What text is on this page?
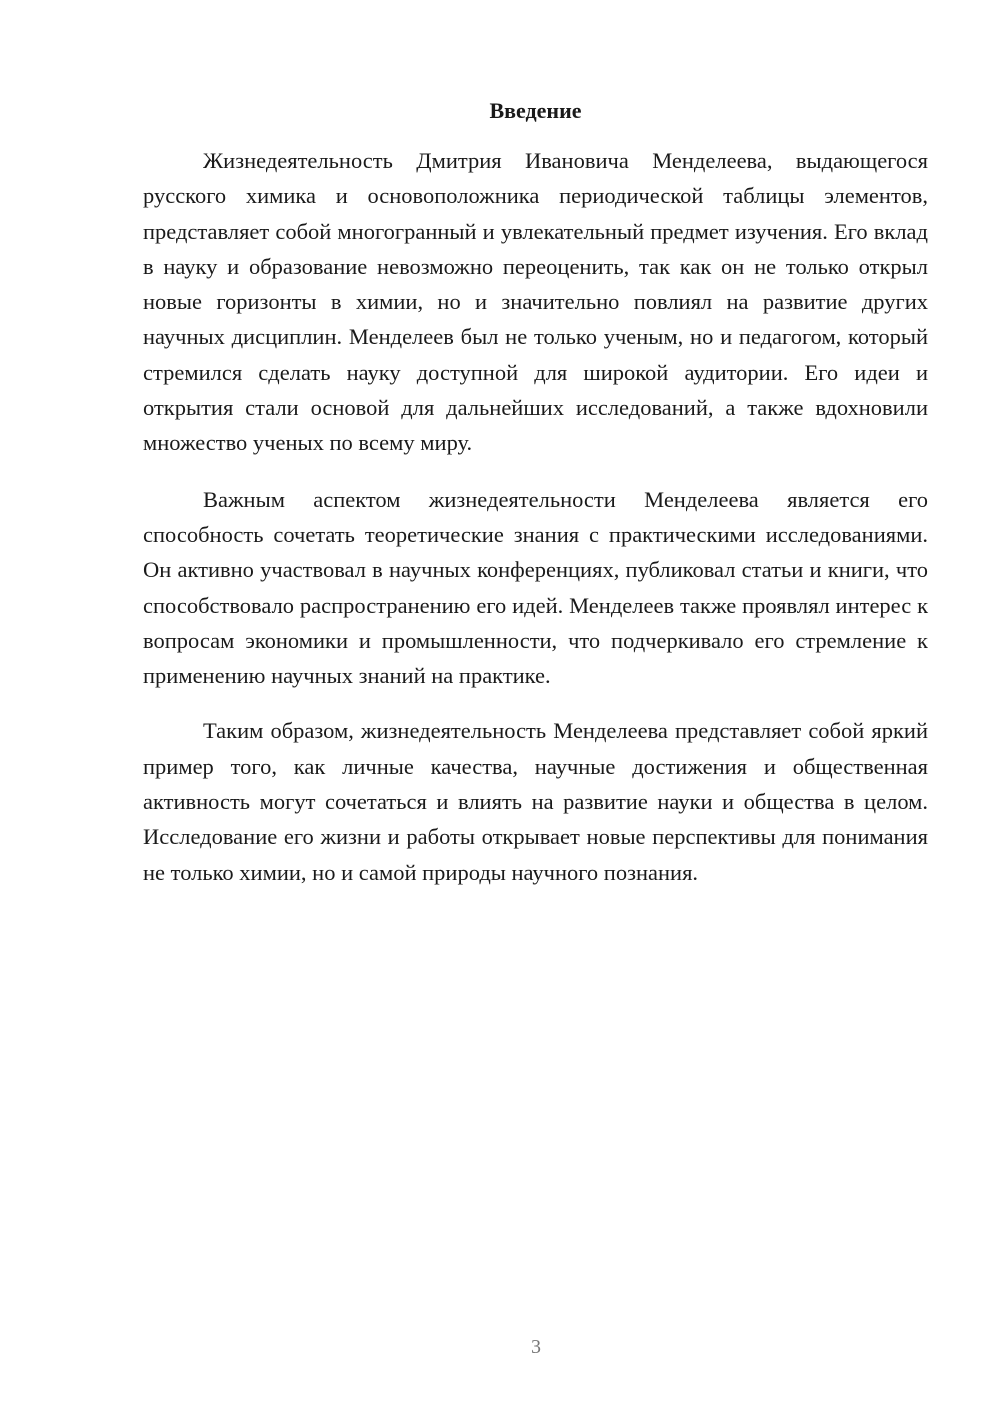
Введение

Жизнедеятельность Дмитрия Ивановича Менделеева, выдающегося русского химика и основоположника периодической таблицы элементов, представляет собой многогранный и увлекательный предмет изучения. Его вклад в науку и образование невозможно переоценить, так как он не только открыл новые горизонты в химии, но и значительно повлиял на развитие других научных дисциплин. Менделеев был не только ученым, но и педагогом, который стремился сделать науку доступной для широкой аудитории. Его идеи и открытия стали основой для дальнейших исследований, а также вдохновили множество ученых по всему миру.

Важным аспектом жизнедеятельности Менделеева является его способность сочетать теоретические знания с практическими исследованиями. Он активно участвовал в научных конференциях, публиковал статьи и книги, что способствовало распространению его идей. Менделеев также проявлял интерес к вопросам экономики и промышленности, что подчеркивало его стремление к применению научных знаний на практике.

Таким образом, жизнедеятельность Менделеева представляет собой яркий пример того, как личные качества, научные достижения и общественная активность могут сочетаться и влиять на развитие науки и общества в целом. Исследование его жизни и работы открывает новые перспективы для понимания не только химии, но и самой природы научного познания.

3
